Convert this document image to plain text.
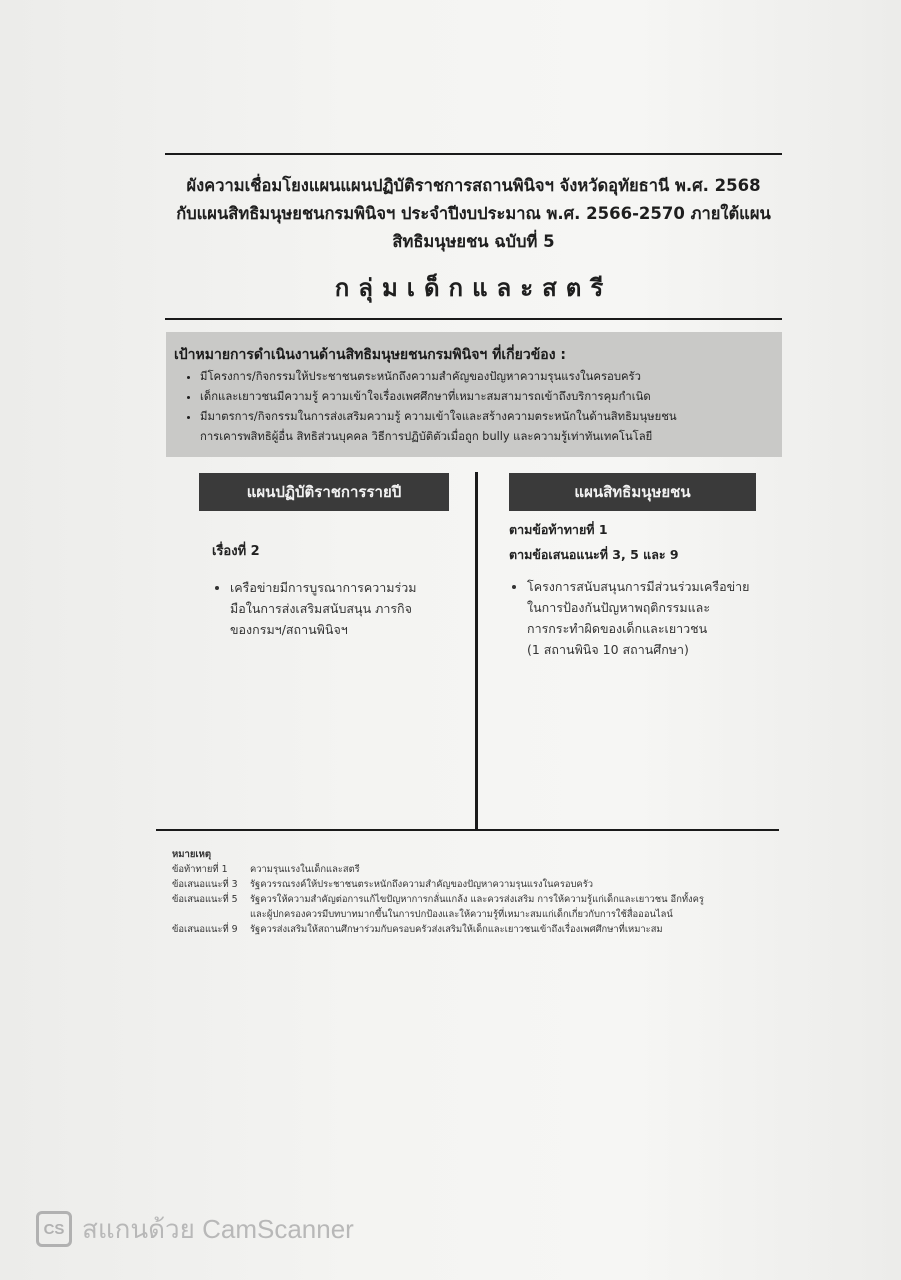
ผังความเชื่อมโยงแผนแผนปฏิบัติราชการสถานพินิจฯ จังหวัดอุทัยธานี พ.ศ. 2568
กับแผนสิทธิมนุษยชนกรมพินิจฯ ประจำปีงบประมาณ พ.ศ. 2566-2570 ภายใต้แผน
สิทธิมนุษยชน ฉบับที่ 5
กลุ่มเด็กและสตรี
เป้าหมายการดำเนินงานด้านสิทธิมนุษยชนกรมพินิจฯ ที่เกี่ยวข้อง :
• มีโครงการ/กิจกรรมให้ประชาชนตระหนักถึงความสำคัญของปัญหาความรุนแรงในครอบครัว
• เด็กและเยาวชนมีความรู้ ความเข้าใจเรื่องเพศศึกษาที่เหมาะสมสามารถเข้าถึงบริการคุมกำเนิด
• มีมาตรการ/กิจกรรมในการส่งเสริมความรู้ ความเข้าใจและสร้างความตระหนักในด้านสิทธิมนุษยชน
การเคารพสิทธิผู้อื่น สิทธิส่วนบุคคล วิธีการปฏิบัติตัวเมื่อถูก bully และความรู้เท่าทันเทคโนโลยี
แผนปฏิบัติราชการรายปี	แผนสิทธิมนุษยชน
เรื่องที่ 2
• เครือข่ายมีการบูรณาการความร่วม
มือในการส่งเสริมสนับสนุน ภารกิจ
ของกรมฯ/สถานพินิจฯ
ตามข้อท้าทายที่ 1
ตามข้อเสนอแนะที่ 3, 5 และ 9
• โครงการสนับสนุนการมีส่วนร่วมเครือข่าย
ในการป้องกันปัญหาพฤติกรรมและ
การกระทำผิดของเด็กและเยาวชน
(1 สถานพินิจ 10 สถานศึกษา)
หมายเหตุ
ข้อท้าทายที่ 1	ความรุนแรงในเด็กและสตรี
ข้อเสนอแนะที่ 3	รัฐควรรณรงค์ให้ประชาชนตระหนักถึงความสำคัญของปัญหาความรุนแรงในครอบครัว
ข้อเสนอแนะที่ 5	รัฐควรให้ความสำคัญต่อการแก้ไขปัญหาการกลั่นแกล้ง และควรส่งเสริม การให้ความรู้แก่เด็กและเยาวชน อีกทั้งครู
และผู้ปกครองควรมีบทบาทมากขึ้นในการปกป้องและให้ความรู้ที่เหมาะสมแก่เด็กเกี่ยวกับการใช้สื่อออนไลน์
ข้อเสนอแนะที่ 9	รัฐควรส่งเสริมให้สถานศึกษาร่วมกับครอบครัวส่งเสริมให้เด็กและเยาวชนเข้าถึงเรื่องเพศศึกษาที่เหมาะสม
CS สแกนด้วย CamScanner
